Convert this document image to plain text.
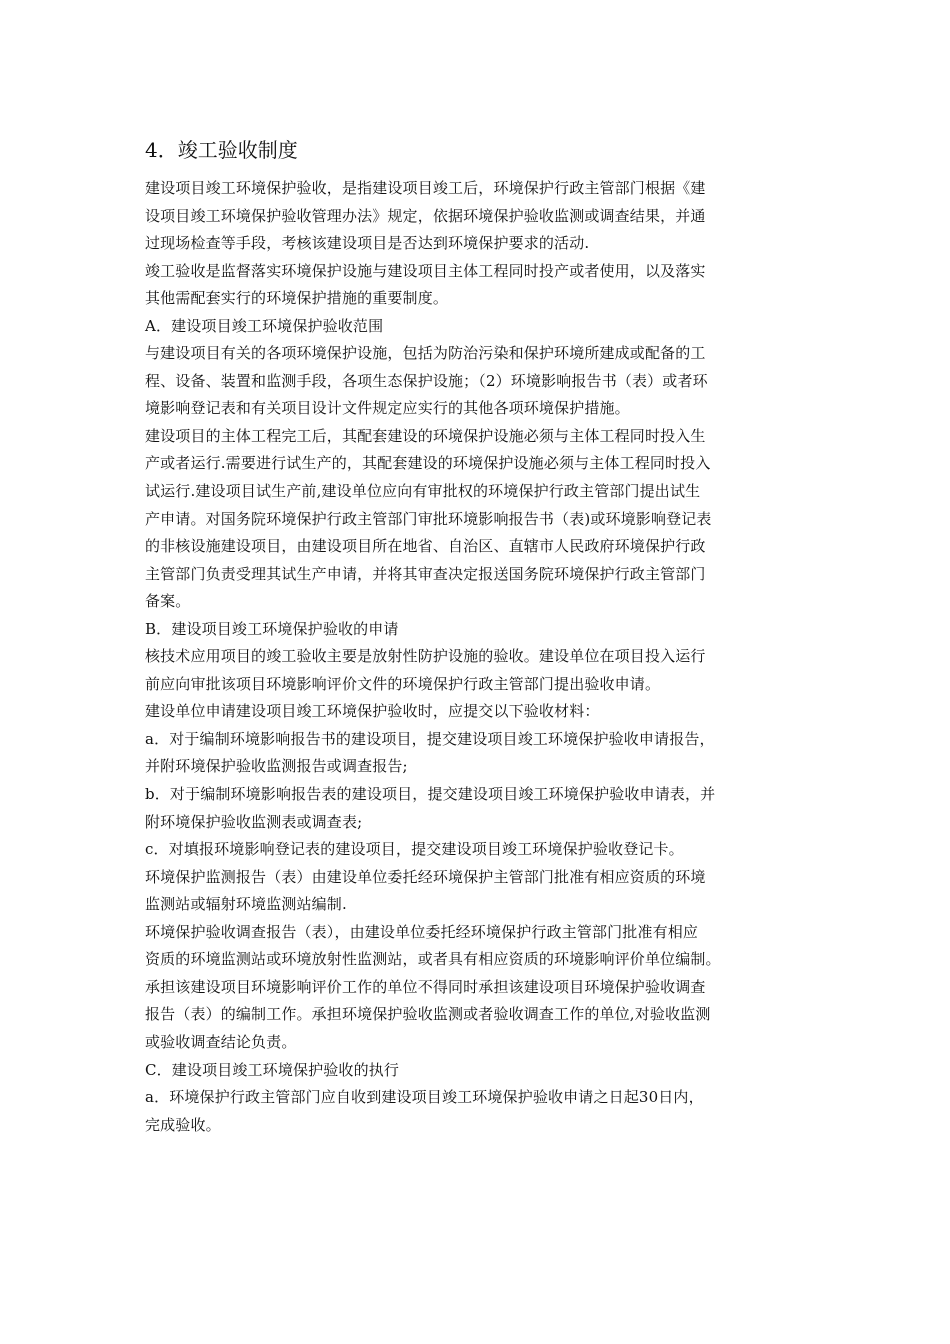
4．竣工验收制度
建设项目竣工环境保护验收，是指建设项目竣工后，环境保护行政主管部门根据《建
设项目竣工环境保护验收管理办法》规定，依据环境保护验收监测或调查结果，并通
过现场检查等手段，考核该建设项目是否达到环境保护要求的活动.
竣工验收是监督落实环境保护设施与建设项目主体工程同时投产或者使用，以及落实
其他需配套实行的环境保护措施的重要制度。
A．建设项目竣工环境保护验收范围
与建设项目有关的各项环境保护设施，包括为防治污染和保护环境所建成或配备的工
程、设备、装置和监测手段，各项生态保护设施；（2）环境影响报告书（表）或者环
境影响登记表和有关项目设计文件规定应实行的其他各项环境保护措施。
建设项目的主体工程完工后，其配套建设的环境保护设施必须与主体工程同时投入生
产或者运行.需要进行试生产的，其配套建设的环境保护设施必须与主体工程同时投入
试运行.建设项目试生产前,建设单位应向有审批权的环境保护行政主管部门提出试生
产申请。对国务院环境保护行政主管部门审批环境影响报告书（表)或环境影响登记表
的非核设施建设项目，由建设项目所在地省、自治区、直辖市人民政府环境保护行政
主管部门负责受理其试生产申请，并将其审查决定报送国务院环境保护行政主管部门
备案。
B．建设项目竣工环境保护验收的申请
核技术应用项目的竣工验收主要是放射性防护设施的验收。建设单位在项目投入运行
前应向审批该项目环境影响评价文件的环境保护行政主管部门提出验收申请。
建设单位申请建设项目竣工环境保护验收时，应提交以下验收材料：
a．对于编制环境影响报告书的建设项目，提交建设项目竣工环境保护验收申请报告，
并附环境保护验收监测报告或调查报告;
b．对于编制环境影响报告表的建设项目，提交建设项目竣工环境保护验收申请表，并
附环境保护验收监测表或调查表;
c．对填报环境影响登记表的建设项目，提交建设项目竣工环境保护验收登记卡。
环境保护监测报告（表）由建设单位委托经环境保护主管部门批准有相应资质的环境
监测站或辐射环境监测站编制.
环境保护验收调查报告（表），由建设单位委托经环境保护行政主管部门批准有相应
资质的环境监测站或环境放射性监测站，或者具有相应资质的环境影响评价单位编制。
承担该建设项目环境影响评价工作的单位不得同时承担该建设项目环境保护验收调查
报告（表）的编制工作。承担环境保护验收监测或者验收调查工作的单位,对验收监测
或验收调查结论负责。
C．建设项目竣工环境保护验收的执行
a．环境保护行政主管部门应自收到建设项目竣工环境保护验收申请之日起30日内，
完成验收。
